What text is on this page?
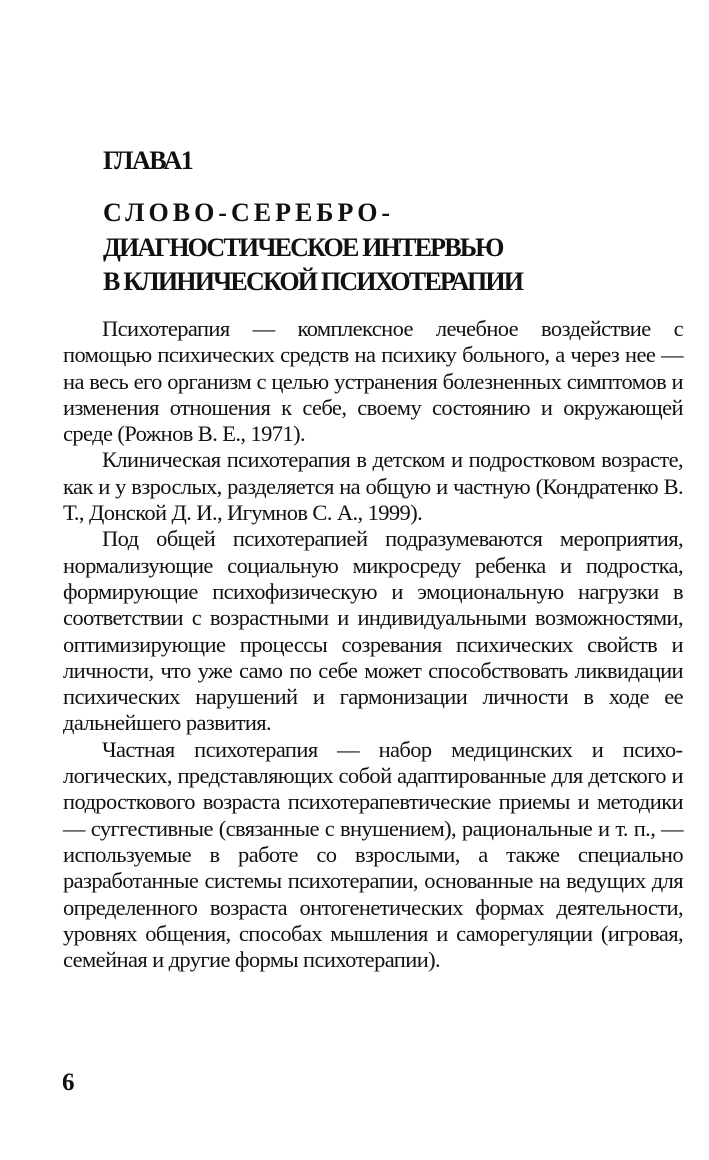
ГЛАВА1
СЛОВО-СЕРЕБРО-
ДИАГНОСТИЧЕСКОЕ ИНТЕРВЬЮ
В КЛИНИЧЕСКОЙ ПСИХОТЕРАПИИ

Психотерапия — комплексное лечебное воздействие с помощью психических средств на психику больного, а через нее — на весь его организм с целью устранения болезненных симптомов и изменения отношения к себе, своему состоянию и окружающей среде (Рожнов В. Е., 1971).

Клиническая психотерапия в детском и подростковом возрасте, как и у взрослых, разделяется на общую и частную (Кондратенко В. Т., Донской Д. И., Игумнов С. А., 1999).

Под общей психотерапией подразумеваются мероприятия, нормализующие социальную микросреду ребенка и подростка, формирующие психофизическую и эмоциональную нагрузки в соответствии с возрастными и индивидуальными возможностями, оптимизирующие процессы созревания психических свойств и личности, что уже само по себе может способствовать ликвидации психических нарушений и гармонизации личности в ходе ее дальнейшего развития.

Частная психотерапия — набор медицинских и психологических, представляющих собой адаптированные для детского и подросткового возраста психотерапевтические приемы и методики — суггестивные (связанные с внушением), рациональные и т. п., — используемые в работе со взрослыми, а также специально разработанные системы психотерапии, основанные на ведущих для определенного возраста онтогенетических формах деятельности, уровнях общения, способах мышления и саморегуляции (игровая, семейная и другие формы психотерапии).

6
